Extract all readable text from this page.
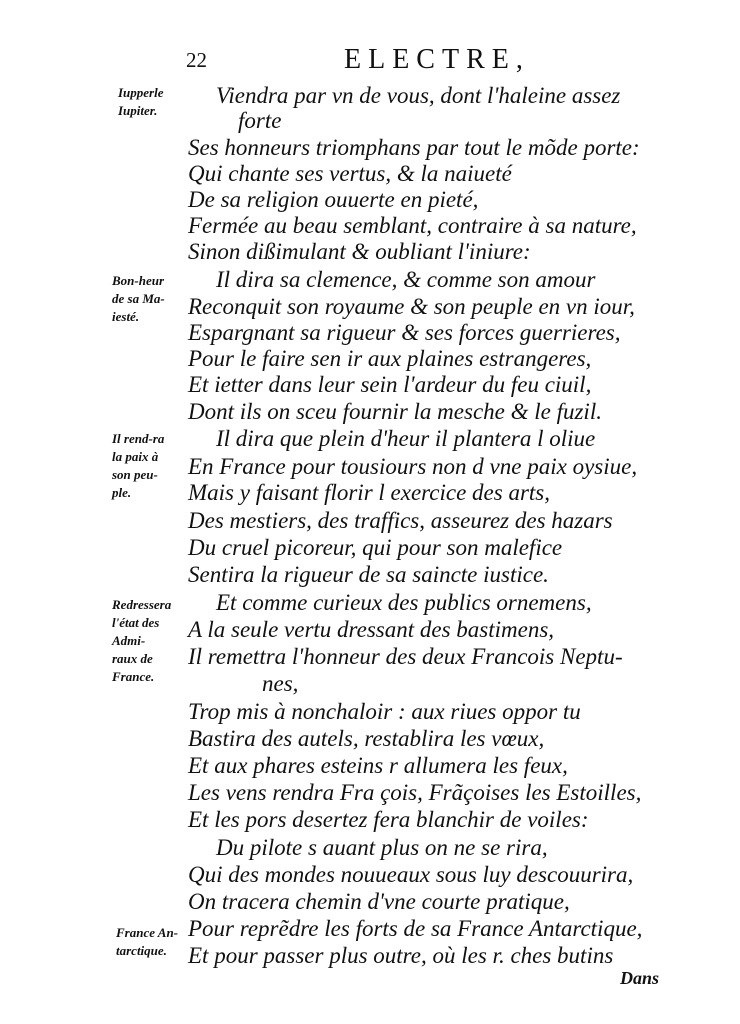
22	ELECTRE,
Viendra par vn de vous, dont l'haleine assez
forte
Ses honneurs triomphans par tout le mõde porte:
Qui chante ses vertus, & la naiueté
De sa religion ouuerte en pieté,
Fermée au beau semblant, contraire à sa nature,
Sinon dißimulant & oubliant l'iniure:
Il dira sa clemence, & comme son amour
Reconquit son royaume & son peuple en vn iour,
Espargnant sa rigueur & ses forces guerrieres,
Pour le faire sen ir aux plaines estrangeres,
Et ietter dans leur sein l'ardeur du feu ciuil,
Dont ils on sceu fournir la mesche & le fuzil.
Il dira que plein d'heur il plantera l oliue
En France pour tousiours non d vne paix oysiue,
Mais y faisant florir l exercice des arts,
Des mestiers, des traffics, asseurez des hazars
Du cruel picoreur, qui pour son malefice
Sentira la rigueur de sa saincte iustice.
Et comme curieux des publics ornemens,
A la seule vertu dressant des bastimens,
Il remettra l'honneur des deux Francois Neptu-
nes,
Trop mis à nonchaloir : aux riues oppor tu
Bastira des autels, restablira les vœux,
Et aux phares esteins r allumera les feux,
Les vens rendra Fra çois, Frãçoises les Estoilles,
Et les pors desertez fera blanchir de voiles:
Du pilote s auant plus on ne se rira,
Qui des mondes nouueaux sous luy descouurira,
On tracera chemin d'vne courte pratique,
Pour reprẽdre les forts de sa France Antarctique,
Et pour passer plus outre, où les r. ches butins
Iupperle
Iupiter.
Bon-heur
de sa Ma-
iesté.
Il rend-ra
la paix à
son peu-
ple.
Redressera
l'état des
Admi-
raux de
France.
France An-
tarctique.
Dans
